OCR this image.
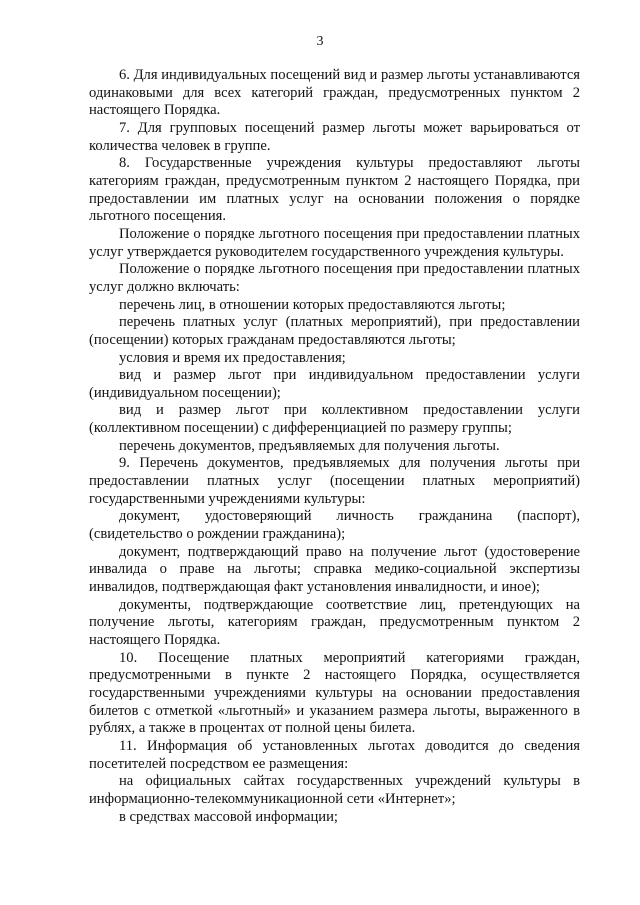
3

6. Для индивидуальных посещений вид и размер льготы устанавливаются одинаковыми для всех категорий граждан, предусмотренных пунктом 2 настоящего Порядка.

7. Для групповых посещений размер льготы может варьироваться от количества человек в группе.

8. Государственные учреждения культуры предоставляют льготы категориям граждан, предусмотренным пунктом 2 настоящего Порядка, при предоставлении им платных услуг на основании положения о порядке льготного посещения.

Положение о порядке льготного посещения при предоставлении платных услуг утверждается руководителем государственного учреждения культуры.

Положение о порядке льготного посещения при предоставлении платных услуг должно включать:

перечень лиц, в отношении которых предоставляются льготы;

перечень платных услуг (платных мероприятий), при предоставлении (посещении) которых гражданам предоставляются льготы;

условия и время их предоставления;

вид и размер льгот при индивидуальном предоставлении услуги (индивидуальном посещении);

вид и размер льгот при коллективном предоставлении услуги (коллективном посещении) с дифференциацией по размеру группы;

перечень документов, предъявляемых для получения льготы.

9. Перечень документов, предъявляемых для получения льготы при предоставлении платных услуг (посещении платных мероприятий) государственными учреждениями культуры:

документ, удостоверяющий личность гражданина (паспорт), (свидетельство о рождении гражданина);

документ, подтверждающий право на получение льгот (удостоверение инвалида о праве на льготы; справка медико-социальной экспертизы инвалидов, подтверждающая факт установления инвалидности, и иное);

документы, подтверждающие соответствие лиц, претендующих на получение льготы, категориям граждан, предусмотренным пунктом 2 настоящего Порядка.

10. Посещение платных мероприятий категориями граждан, предусмотренными в пункте 2 настоящего Порядка, осуществляется государственными учреждениями культуры на основании предоставления билетов с отметкой «льготный» и указанием размера льготы, выраженного в рублях, а также в процентах от полной цены билета.

11. Информация об установленных льготах доводится до сведения посетителей посредством ее размещения:

на официальных сайтах государственных учреждений культуры в информационно-телекоммуникационной сети «Интернет»;

в средствах массовой информации;
